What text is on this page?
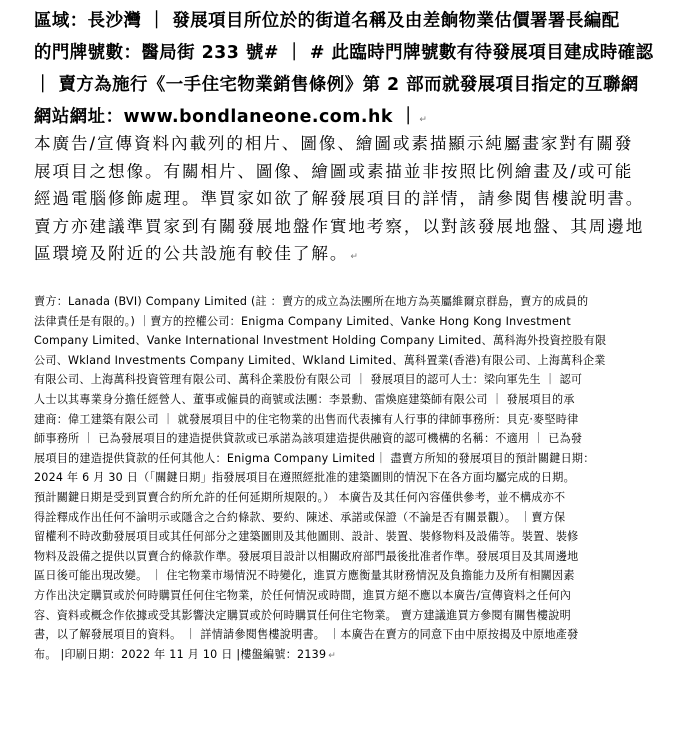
區域：長沙灣 ｜ 發展項目所位於的街道名稱及由差餉物業估價署署長編配
的門牌號數：醫局街 233 號# ｜ # 此臨時門牌號數有待發展項目建成時確認
｜ 賣方為施行《一手住宅物業銷售條例》第 2 部而就發展項目指定的互聯網
網站網址：www.bondlaneone.com.hk ｜ ↵
本廣告/宣傳資料內載列的相片、圖像、繪圖或素描顯示純屬畫家對有關發
展項目之想像。有關相片、圖像、繪圖或素描並非按照比例繪畫及/或可能
經過電腦修飾處理。準買家如欲了解發展項目的詳情，請參閱售樓說明書。
賣方亦建議準買家到有關發展地盤作實地考察，以對該發展地盤、其周邊地
區環境及附近的公共設施有較佳了解。 ↵
賣方：Lanada (BVI) Company Limited (註 ：賣方的成立為法團所在地方為英屬維爾京群島，賣方的成員的
法律責任是有限的。) ｜賣方的控權公司：Enigma Company Limited、Vanke Hong Kong Investment
Company Limited、Vanke International Investment Holding Company Limited、萬科海外投資控股有限
公司、Wkland Investments Company Limited、Wkland Limited、萬科置業(香港)有限公司、上海萬科企業
有限公司、上海萬科投資管理有限公司、萬科企業股份有限公司 ｜ 發展項目的認可人士：梁向軍先生 ｜ 認可
人士以其專業身分擔任經營人、董事或僱員的商號或法團：李景勳、雷煥庭建築師有限公司 ｜ 發展項目的承
建商：偉工建築有限公司 ｜ 就發展項目中的住宅物業的出售而代表擁有人行事的律師事務所：貝克·麥堅時律
師事務所 ｜ 已為發展項目的建造提供貸款或已承諾為該項建造提供融資的認可機構的名稱：不適用 ｜ 已為發
展項目的建造提供貸款的任何其他人：Enigma Company Limited｜ 盡賣方所知的發展項目的預計關鍵日期：
2024 年 6 月 30 日（「關鍵日期」指發展項目在遵照經批准的建築圖則的情況下在各方面均屬完成的日期。
預計關鍵日期是受到買賣合約所允許的任何延期所規限的。） 本廣告及其任何內容僅供參考，並不構成亦不
得詮釋成作出任何不論明示或隱含之合約條款、要約、陳述、承諾或保證（不論是否有關景觀）。 ｜賣方保
留權利不時改動發展項目或其任何部分之建築圖則及其他圖則、設計、裝置、裝修物料及設備等。裝置、裝修
物料及設備之提供以買賣合約條款作準。發展項目設計以相關政府部門最後批准者作準。發展項目及其周邊地
區日後可能出現改變。 ｜ 住宅物業市場情況不時變化，進買方應衡量其財務情況及負擔能力及所有相關因素
方作出決定購買或於何時購買任何住宅物業，於任何情況或時間，進買方絕不應以本廣告/宣傳資料之任何內
容、資料或概念作依據或受其影響決定購買或於何時購買任何住宅物業。 賣方建議進買方參閱有關售樓說明
書，以了解發展項目的資料。 ｜ 詳情請參閱售樓說明書。 ｜本廣告在賣方的同意下由中原按揭及中原地產發
布。 |印刷日期：2022 年 11 月 10 日 |樓盤編號：2139 ↵
